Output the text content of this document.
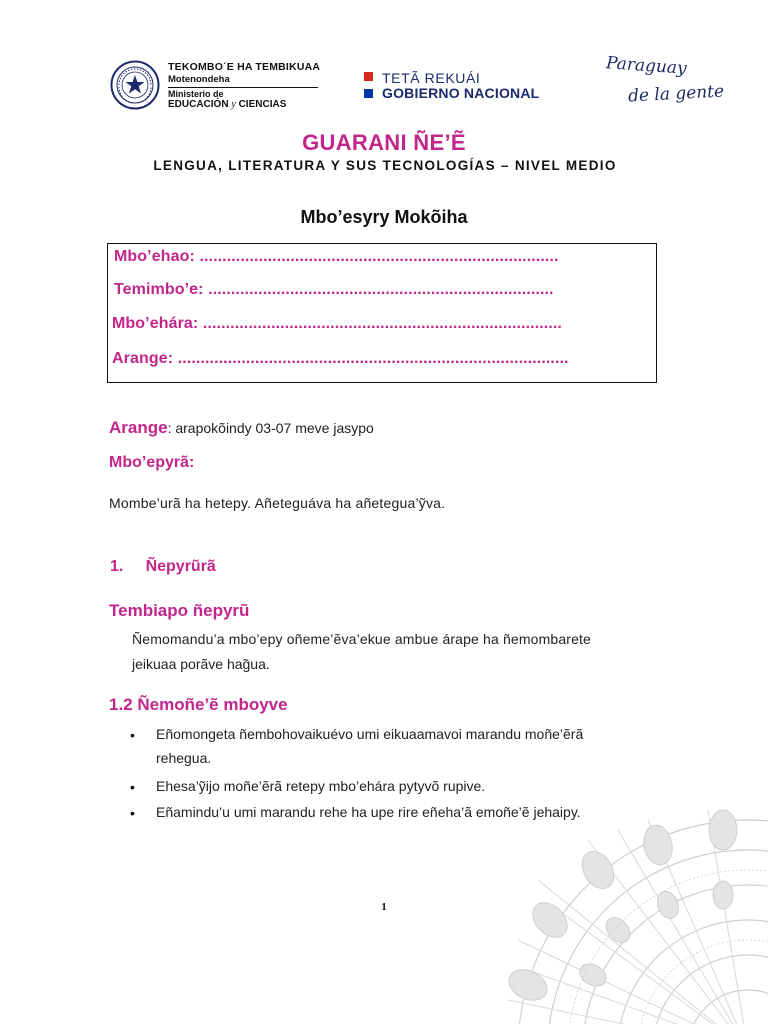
TEKOMBO´E HA TEMBIKUAA
Motenondeha
Ministerio de
EDUCACIÓN y CIENCIAS
TETÃ REKUÁI
GOBIERNO NACIONAL
Paraguay
de la gente
GUARANI ÑE’Ẽ
LENGUA, LITERATURA Y SUS TECNOLOGÍAS – NIVEL MEDIO
Mbo’esyry Mokõiha
Mbo’ehao: ...............................................................................
Temimbo’e: ............................................................................
Mbo’ehára: ...............................................................................
Arange: ......................................................................................
Arange: arapokõindy 03-07 meve jasypo
Mbo’epyrã:
Mombe’urã ha hetepy. Añeteguáva ha añetegua’ỹva.
1.     Ñepyrũrã
Tembiapo ñepyrũ
Ñemomandu’a mbo’epy oñeme’ẽva’ekue ambue árape ha ñemombarete
jeikuaa porãve hag̃ua.
1.2 Ñemoñe’ẽ mboyve
• Eñomongeta ñembohovaikuévo umi eikuaamavoi marandu moñe’ẽrã
rehegua.
• Ehesa’ỹijo moñe’ẽrã retepy mbo’ehára pytyvõ rupive.
• Eñamindu’u umi marandu rehe ha upe rire eñeha’ã emoñe’ẽ jehaipy.
1
